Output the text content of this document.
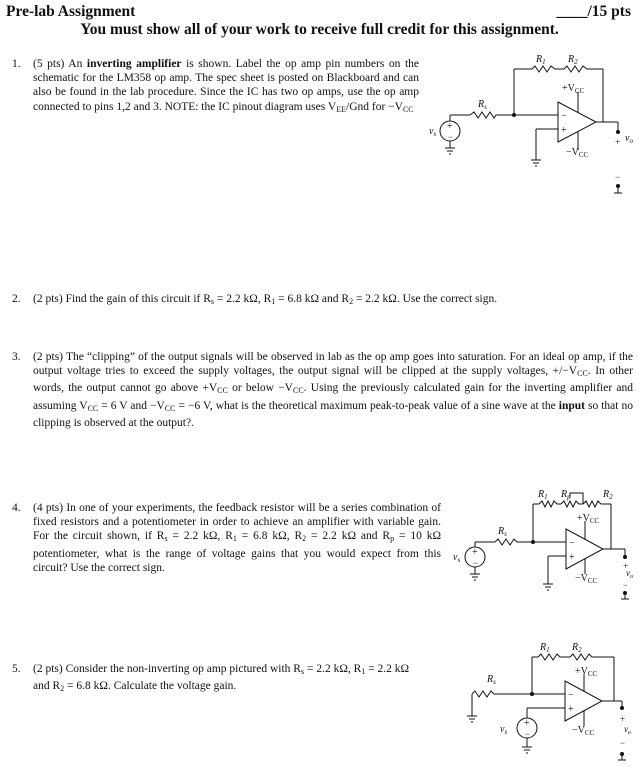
Pre-lab Assignment	____/15 pts
You must show all of your work to receive full credit for this assignment.
1. (5 pts) An inverting amplifier is shown. Label the op amp pin numbers on the schematic for the LM358 op amp. The spec sheet is posted on Blackboard and can also be found in the lab procedure. Since the IC has two op amps, use the op amp connected to pins 1,2 and 3. NOTE: the IC pinout diagram uses $V_{EE}$/Gnd for $-V_{CC}$
2. (2 pts) Find the gain of this circuit if $R_s = 2.2$ kΩ, $R_1 = 6.8$ kΩ and $R_2 = 2.2$ kΩ. Use the correct sign.
3. (2 pts) The “clipping” of the output signals will be observed in lab as the op amp goes into saturation. For an ideal op amp, if the output voltage tries to exceed the supply voltages, the output signal will be clipped at the supply voltages, $+/-V_{CC}$. In other words, the output cannot go above $+V_{CC}$ or below $-V_{CC}$. Using the previously calculated gain for the inverting amplifier and assuming $V_{CC} = 6$ V and $-V_{CC} = -6$ V, what is the theoretical maximum peak-to-peak value of a sine wave at the input so that no clipping is observed at the output?.
4. (4 pts) In one of your experiments, the feedback resistor will be a series combination of fixed resistors and a potentiometer in order to achieve an amplifier with variable gain. For the circuit shown, if $R_s = 2.2$ kΩ, $R_1 = 6.8$ kΩ, $R_2 = 2.2$ kΩ and $R_p = 10$ kΩ potentiometer, what is the range of voltage gains that you would expect from this circuit? Use the correct sign.
5. (2 pts) Consider the non-inverting op amp pictured with $R_s = 2.2$ kΩ, $R_1 = 2.2$ kΩ and $R_2 = 6.8$ kΩ. Calculate the voltage gain.
+
−
$v_s$
$R_s$
$R_1$ $R_2$
$+V_{CC}$
$-V_{CC}$
−
+
$v_o$
+
−
+
−
$v_s$
$R_s$
$R_1$ $R_p$	$R_2$
$+V_{CC}$
$-V_{CC}$
−
+
+
$v_o$
−
+
−
$v_s$
$R_s$
$R_1$ $R_2$
$+V_{CC}$
$-V_{CC}$
−
+
+
$v_o$
−
